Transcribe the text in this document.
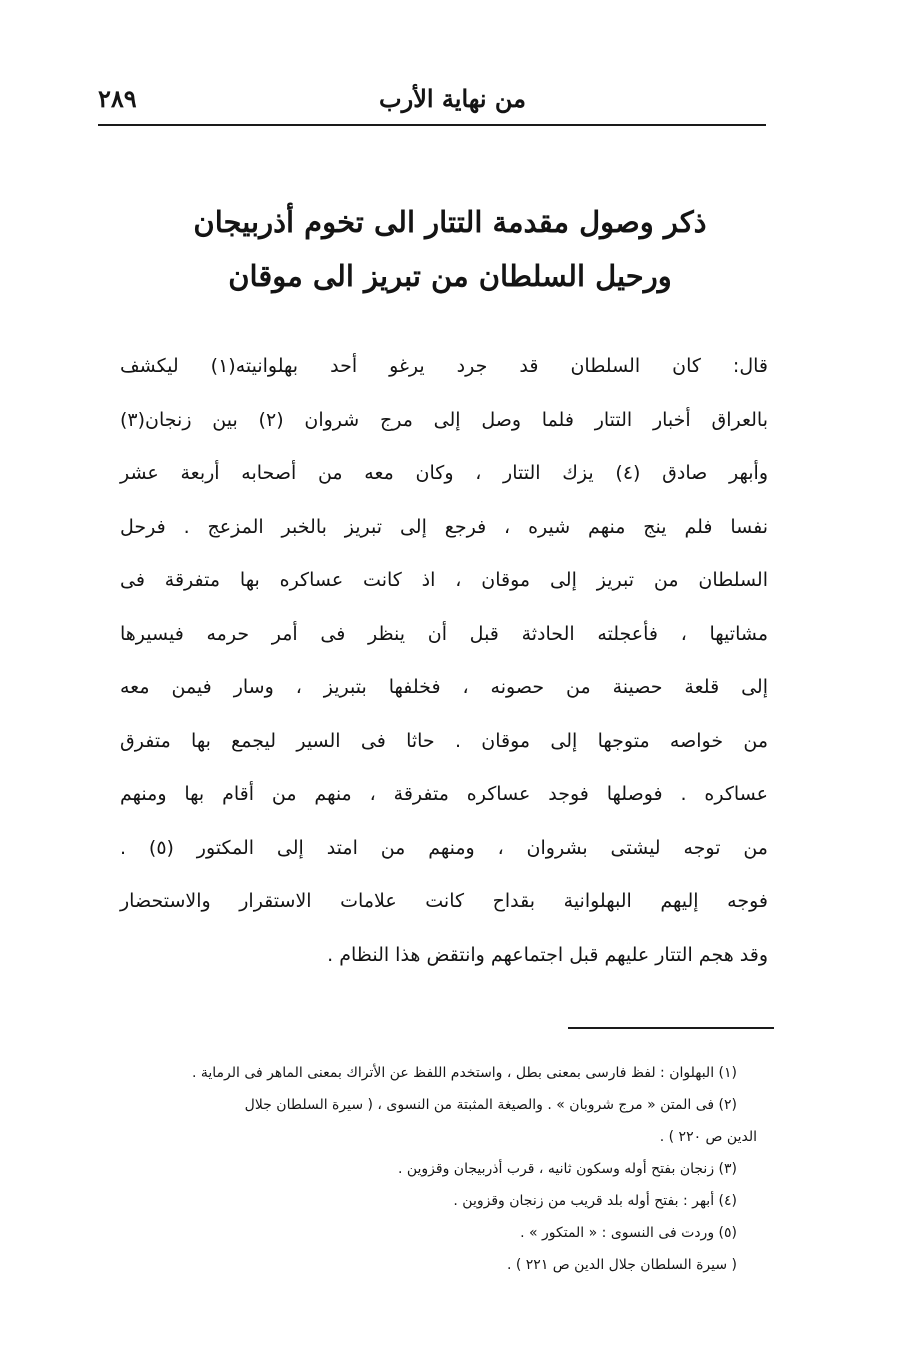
من نهاية الأرب
٢٨٩
ذكر وصول مقدمة التتار الى تخوم أذربيجان
ورحيل السلطان من تبريز الى موقان
قال: كان السلطان قد جرد يرغو أحد بهلوانيته(١) ليكشف
بالعراق أخبار التتار فلما وصل إلى مرج شروان (٢) بين زنجان(٣)
وأبهر صادق (٤) يزك التتار ، وكان معه من أصحابه أربعة عشر
نفسا فلم ينج منهم شيره ، فرجع إلى تبريز بالخبر المزعج . فرحل
السلطان من تبريز إلى موقان ، اذ كانت عساكره بها متفرقة فى
مشاتيها ، فأعجلته الحادثة قبل أن ينظر فى أمر حرمه فيسيرها
إلى قلعة حصينة من حصونه ، فخلفها بتبريز ، وسار فيمن معه
من خواصه متوجها إلى موقان . حاثا فى السير ليجمع بها متفرق
عساكره . فوصلها فوجد عساكره متفرقة ، منهم من أقام بها ومنهم
من توجه ليشتى بشروان ، ومنهم من امتد إلى المكتور (٥) .
فوجه إليهم البهلوانية بقداح كانت علامات الاستقرار والاستحضار
وقد هجم التتار عليهم قبل اجتماعهم وانتقض هذا النظام .
(١) البهلوان : لفظ فارسى بمعنى بطل ، واستخدم اللفظ عن الأتراك بمعنى الماهر فى الرماية .
(٢) فى المتن « مرج شروبان » . والصيغة المثبتة من النسوى ، ( سيرة السلطان جلال
الدين ص ٢٢٠ ) .
(٣) زنجان بفتح أوله وسكون ثانيه ، قرب أذربيجان وقزوين .
(٤) أبهر : بفتح أوله بلد قريب من زنجان وقزوين .
(٥) وردت فى النسوى : « المتكور » .
( سيرة السلطان جلال الدين ص ٢٢١ ) .
